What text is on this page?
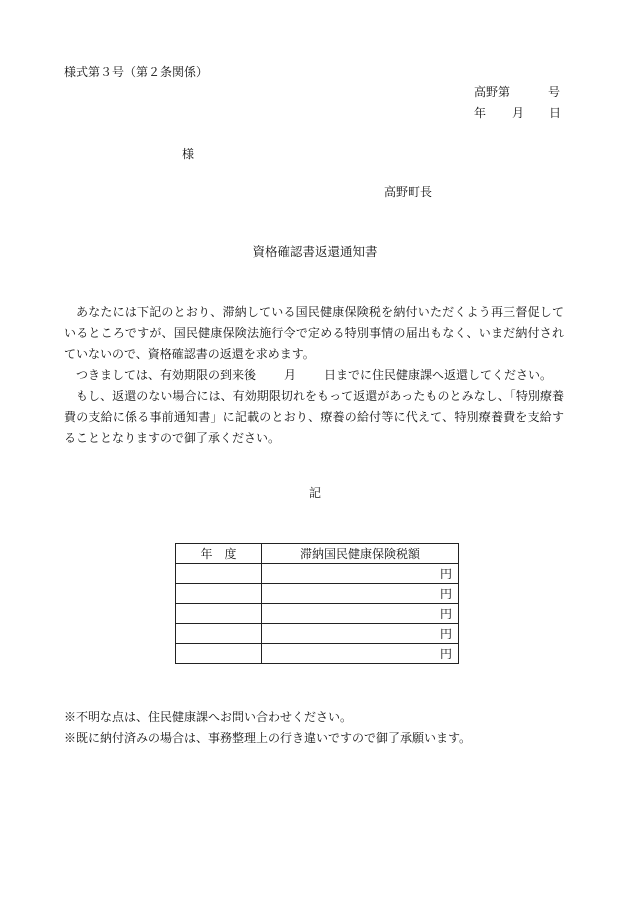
様式第３号（第２条関係）
高野第	号
年 月 日
様
高野町長
資格確認書返還通知書

あなたには下記のとおり、滞納している国民健康保険税を納付いただくよう再三督促しているところですが、国民健康保険法施行令で定める特別事情の届出もなく、いまだ納付されていないので、資格確認書の返還を求めます。

つきましては、有効期限の到来後 月 日までに住民健康課へ返還してください。

もし、返還のない場合には、有効期限切れをもって返還があったものとみなし、「特別療養費の支給に係る事前通知書」に記載のとおり、療養の給付等に代えて、特別療養費を支給することとなりますので御了承ください。

記
年　度	滞納国民健康保険税額
	円
	円
	円
	円
	円
※不明な点は、住民健康課へお問い合わせください。
※既に納付済みの場合は、事務整理上の行き違いですので御了承願います。
